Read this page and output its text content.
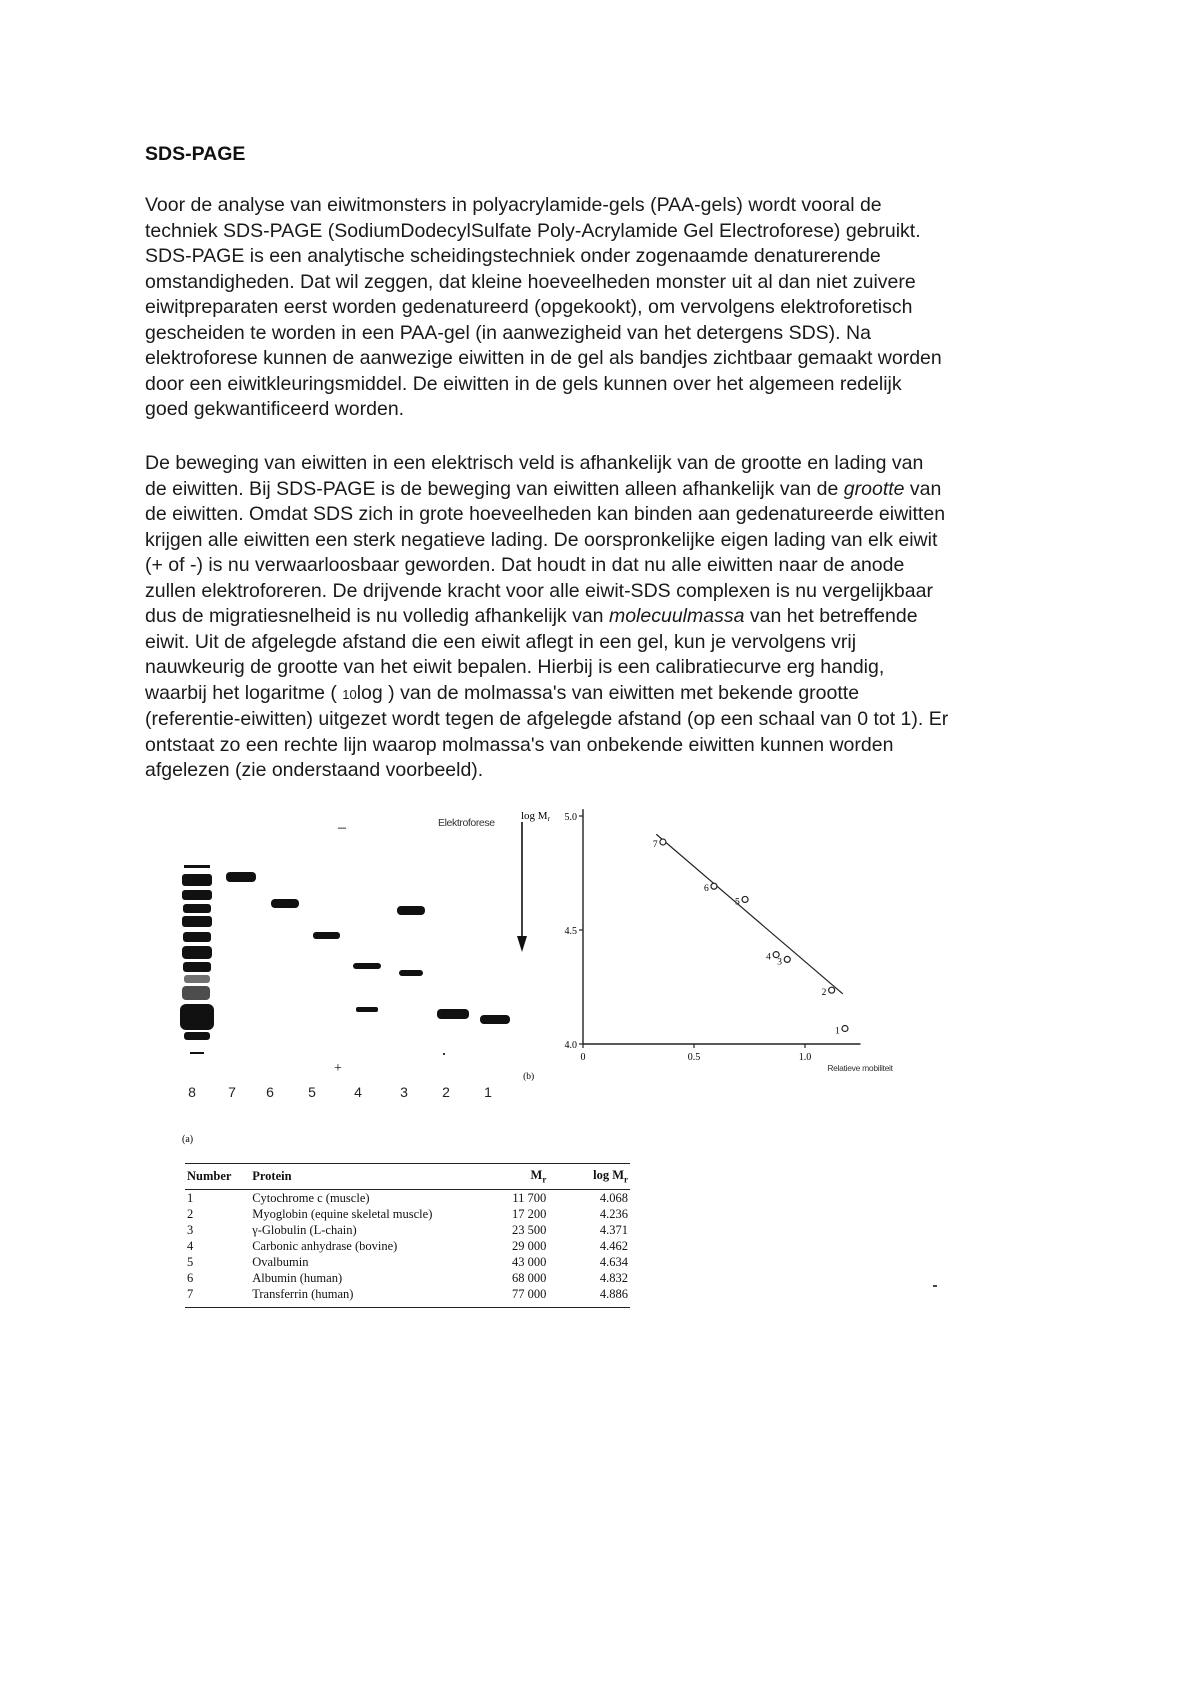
SDS-PAGE

Voor de analyse van eiwitmonsters in polyacrylamide-gels (PAA-gels) wordt vooral de
techniek SDS-PAGE (SodiumDodecylSulfate Poly-Acrylamide Gel Electroforese) gebruikt.
SDS-PAGE is een analytische scheidingstechniek onder zogenaamde denaturerende
omstandigheden. Dat wil zeggen, dat kleine hoeveelheden monster uit al dan niet zuivere
eiwitpreparaten eerst worden gedenatureerd (opgekookt), om vervolgens elektroforetisch
gescheiden te worden in een PAA-gel (in aanwezigheid van het detergens SDS). Na
elektroforese kunnen de aanwezige eiwitten in de gel als bandjes zichtbaar gemaakt worden
door een eiwitkleuringsmiddel. De eiwitten in de gels kunnen over het algemeen redelijk
goed gekwantificeerd worden.

De beweging van eiwitten in een elektrisch veld is afhankelijk van de grootte en lading van
de eiwitten. Bij SDS-PAGE is de beweging van eiwitten alleen afhankelijk van de grootte van
de eiwitten. Omdat SDS zich in grote hoeveelheden kan binden aan gedenatureerde eiwitten
krijgen alle eiwitten een sterk negatieve lading. De oorspronkelijke eigen lading van elk eiwit
(+ of -) is nu verwaarloosbaar geworden. Dat houdt in dat nu alle eiwitten naar de anode
zullen elektroforeren. De drijvende kracht voor alle eiwit-SDS complexen is nu vergelijkbaar
dus de migratiesnelheid is nu volledig afhankelijk van molecuulmassa van het betreffende
eiwit. Uit de afgelegde afstand die een eiwit aflegt in een gel, kun je vervolgens vrij
nauwkeurig de grootte van het eiwit bepalen. Hierbij is een calibratiecurve erg handig,
waarbij het logaritme ( 10log ) van de molmassa's van eiwitten met bekende grootte
(referentie-eiwitten) uitgezet wordt tegen de afgelegde afstand (op een schaal van 0 tot 1). Er
ontstaat zo een rechte lijn waarop molmassa's van onbekende eiwitten kunnen worden
afgelezen (zie onderstaand voorbeeld).

–	Elektroforese
+
8 7 6 5	4	3 2 1
(a)
4.0
4.5
5.0
0	0.5	1.0
log Mr
Relatieve mobiliteit
(b)
1
2
3
4
5
6
7
Number	Protein	$M_r$	$\log M_r$
1	Cytochrome c (muscle)	11 700	4.068
2	Myoglobin (equine skeletal muscle)	17 200	4.236
3	γ-Globulin (L-chain)	23 500	4.371
4	Carbonic anhydrase (bovine)	29 000	4.462
5	Ovalbumin	43 000	4.634
6	Albumin (human)	68 000	4.832
7	Transferrin (human)	77 000	4.886
